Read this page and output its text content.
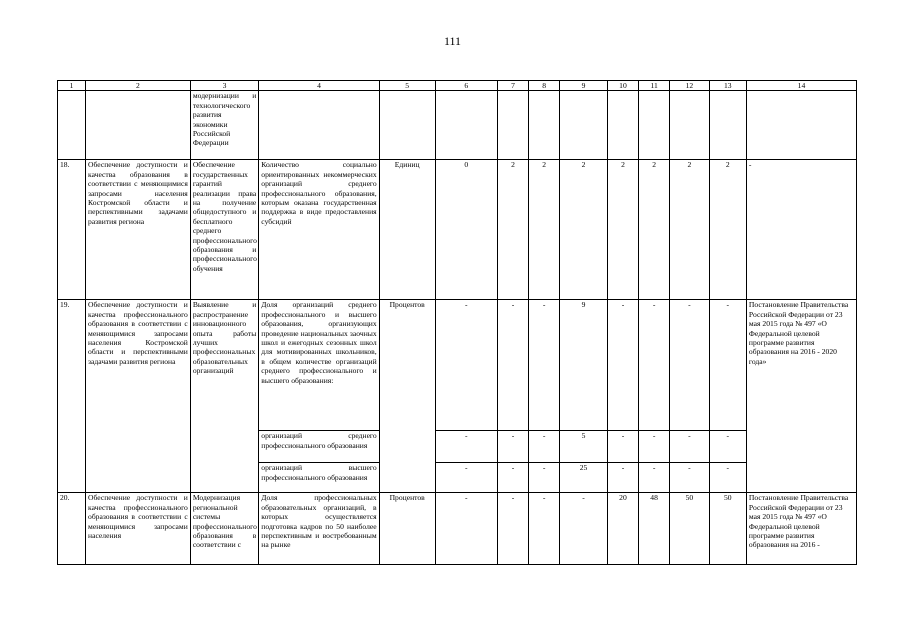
111
1	2	3	4	5	6	7	8	9	10	11	12	13	14
		модернизации и технологического развития экономики Российской Федерации											
18.	Обеспечение доступности и качества образования в соответствии с меняющимися запросами населения Костромской области и перспективными задачами развития региона	Обеспечение государственных гарантий реализации права на получение общедоступного и бесплатного среднего профессионального образования и профессионального обучения	Количество социально ориентированных некоммерческих организаций среднего профессионального образования, которым оказана государственная поддержка в виде предоставления субсидий	Единиц	0	2	2	2	2	2	2	2	-
19.	Обеспечение доступности и качества профессионального образования в соответствии с меняющимися запросами населения Костромской области и перспективными задачами развития региона	Выявление и распространение инновационного опыта работы лучших профессиональных образовательных организаций	Доля организаций среднего профессионального и высшего образования, организующих проведение национальных заочных школ и ежегодных сезонных школ для мотивированных школьников, в общем количестве организаций среднего профессионального и высшего образования:	Процентов	-	-	-	9	-	-	-	-	Постановление Правительства Российской Федерации от 23 мая 2015 года № 497 «О Федеральной целевой программе развития образования на 2016 - 2020 года»
			организаций среднего профессионального образования		-	-	-	5	-	-	-	-	
			организаций высшего профессионального образования		-	-	-	25	-	-	-	-	
20.	Обеспечение доступности и качества профессионального образования в соответствии с меняющимися запросами населения	Модернизация региональной системы профессионального образования в соответствии с	Доля профессиональных образовательных организаций, в которых осуществляется подготовка кадров по 50 наиболее перспективным и востребованным на рынке	Процентов	-	-	-	-	20	48	50	50	Постановление Правительства Российской Федерации от 23 мая 2015 года № 497 «О Федеральной целевой программе развития образования на 2016 -
